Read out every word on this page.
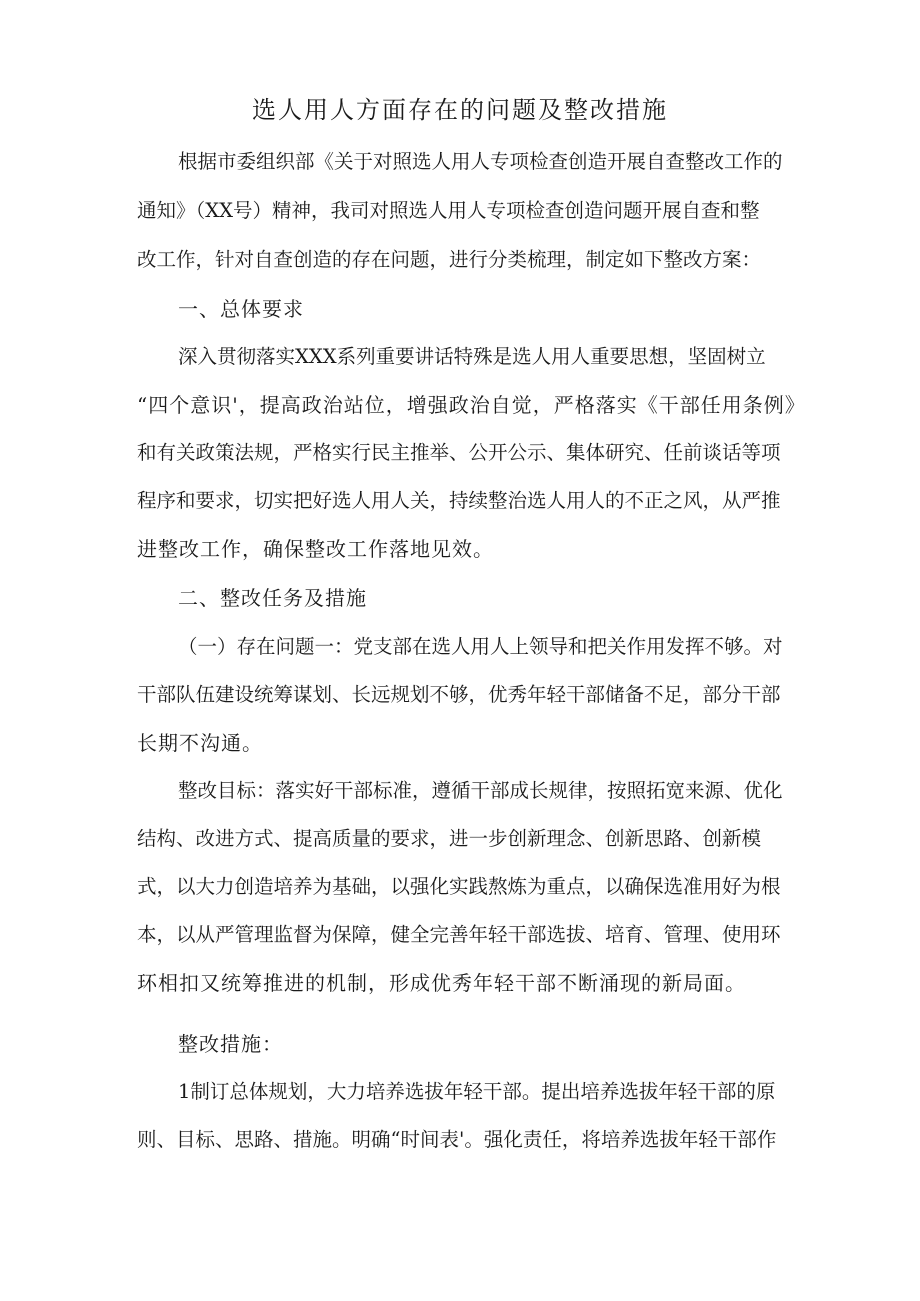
选人用人方面存在的问题及整改措施
根据市委组织部《关于对照选人用人专项检查创造开展自查整改工作的
通知》（XX号）精神，我司对照选人用人专项检查创造问题开展自查和整
改工作，针对自查创造的存在问题，进行分类梳理，制定如下整改方案：
一、总体要求
深入贯彻落实XXX系列重要讲话特殊是选人用人重要思想，坚固树立
“四个意识'，提高政治站位，增强政治自觉，严格落实《干部任用条例》
和有关政策法规，严格实行民主推举、公开公示、集体研究、任前谈话等项
程序和要求，切实把好选人用人关，持续整治选人用人的不正之风，从严推
进整改工作，确保整改工作落地见效。
二、整改任务及措施
（一）存在问题一：党支部在选人用人上领导和把关作用发挥不够。对
干部队伍建设统筹谋划、长远规划不够，优秀年轻干部储备不足，部分干部
长期不沟通。
整改目标：落实好干部标准，遵循干部成长规律，按照拓宽来源、优化
结构、改进方式、提高质量的要求，进一步创新理念、创新思路、创新模
式，以大力创造培养为基础，以强化实践熬炼为重点，以确保选准用好为根
本，以从严管理监督为保障，健全完善年轻干部选拔、培育、管理、使用环
环相扣又统筹推进的机制，形成优秀年轻干部不断涌现的新局面。
整改措施：
1制订总体规划，大力培养选拔年轻干部。提出培养选拔年轻干部的原
则、目标、思路、措施。明确“时间表'。强化责任，将培养选拔年轻干部作
